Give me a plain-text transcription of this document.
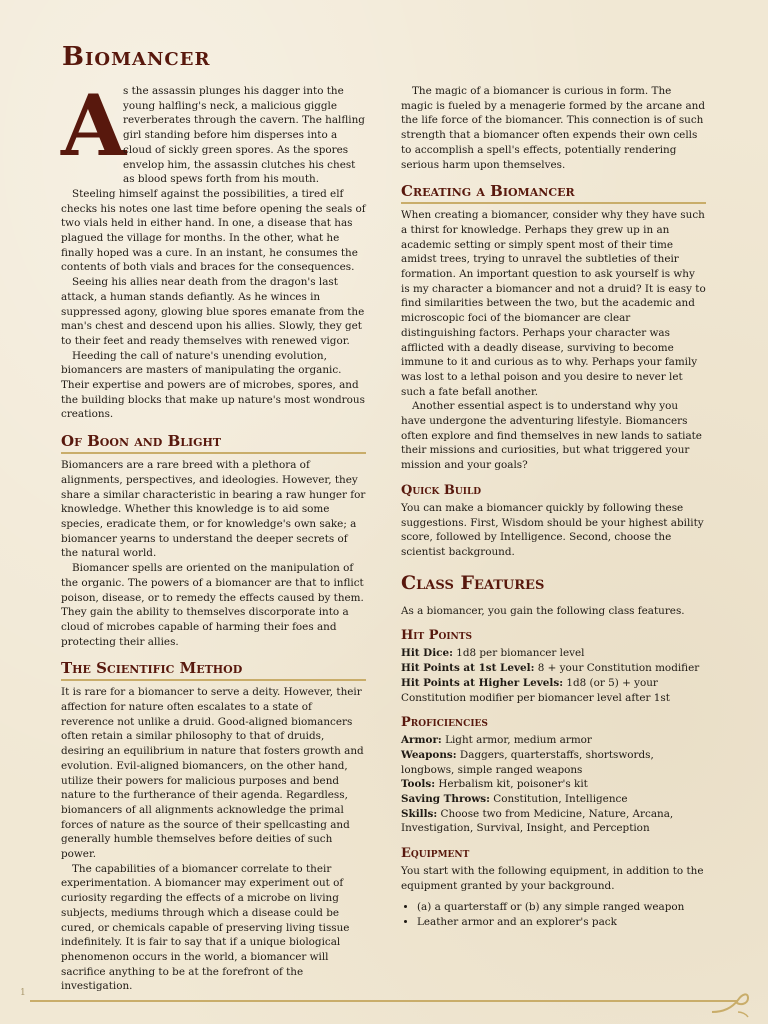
Biomancer
A

s the assassin plunges his dagger into the young halfling's neck, a malicious giggle reverberates through the cavern. The halfling girl standing before him disperses into a cloud of sickly green spores. As the spores envelop him, the assassin clutches his chest as blood spews forth from his mouth.

Steeling himself against the possibilities, a tired elf checks his notes one last time before opening the seals of two vials held in either hand. In one, a disease that has plagued the village for months. In the other, what he finally hoped was a cure. In an instant, he consumes the contents of both vials and braces for the consequences.

Seeing his allies near death from the dragon's last attack, a human stands defiantly. As he winces in suppressed agony, glowing blue spores emanate from the man's chest and descend upon his allies. Slowly, they get to their feet and ready themselves with renewed vigor.

Heeding the call of nature's unending evolution, biomancers are masters of manipulating the organic. Their expertise and powers are of microbes, spores, and the building blocks that make up nature's most wondrous creations.

Of Boon and Blight

Biomancers are a rare breed with a plethora of alignments, perspectives, and ideologies. However, they share a similar characteristic in bearing a raw hunger for knowledge. Whether this knowledge is to aid some species, eradicate them, or for knowledge's own sake; a biomancer yearns to understand the deeper secrets of the natural world.

Biomancer spells are oriented on the manipulation of the organic. The powers of a biomancer are that to inflict poison, disease, or to remedy the effects caused by them. They gain the ability to themselves discorporate into a cloud of microbes capable of harming their foes and protecting their allies.

The Scientific Method

It is rare for a biomancer to serve a deity. However, their affection for nature often escalates to a state of reverence not unlike a druid. Good-aligned biomancers often retain a similar philosophy to that of druids, desiring an equilibrium in nature that fosters growth and evolution. Evil-aligned biomancers, on the other hand, utilize their powers for malicious purposes and bend nature to the furtherance of their agenda. Regardless, biomancers of all alignments acknowledge the primal forces of nature as the source of their spellcasting and generally humble themselves before deities of such power.

The capabilities of a biomancer correlate to their experimentation. A biomancer may experiment out of curiosity regarding the effects of a microbe on living subjects, mediums through which a disease could be cured, or chemicals capable of preserving living tissue indefinitely. It is fair to say that if a unique biological phenomenon occurs in the world, a biomancer will sacrifice anything to be at the forefront of the investigation.

The magic of a biomancer is curious in form. The magic is fueled by a menagerie formed by the arcane and the life force of the biomancer. This connection is of such strength that a biomancer often expends their own cells to accomplish a spell's effects, potentially rendering serious harm upon themselves.

Creating a Biomancer

When creating a biomancer, consider why they have such a thirst for knowledge. Perhaps they grew up in an academic setting or simply spent most of their time amidst trees, trying to unravel the subtleties of their formation. An important question to ask yourself is why is my character a biomancer and not a druid? It is easy to find similarities between the two, but the academic and microscopic foci of the biomancer are clear distinguishing factors. Perhaps your character was afflicted with a deadly disease, surviving to become immune to it and curious as to why. Perhaps your family was lost to a lethal poison and you desire to never let such a fate befall another.

Another essential aspect is to understand why you have undergone the adventuring lifestyle. Biomancers often explore and find themselves in new lands to satiate their missions and curiosities, but what triggered your mission and your goals?

Quick Build

You can make a biomancer quickly by following these suggestions. First, Wisdom should be your highest ability score, followed by Intelligence. Second, choose the scientist background.

Class Features

As a biomancer, you gain the following class features.

Hit Points

Hit Dice: 1d8 per biomancer level

Hit Points at 1st Level: 8 + your Constitution modifier

Hit Points at Higher Levels: 1d8 (or 5) + your Constitution modifier per biomancer level after 1st

Proficiencies

Armor: Light armor, medium armor

Weapons: Daggers, quarterstaffs, shortswords, longbows, simple ranged weapons

Tools: Herbalism kit, poisoner's kit

Saving Throws: Constitution, Intelligence

Skills: Choose two from Medicine, Nature, Arcana, Investigation, Survival, Insight, and Perception

Equipment

You start with the following equipment, in addition to the equipment granted by your background.

• (a) a quarterstaff or (b) any simple ranged weapon
• Leather armor and an explorer's pack
1
